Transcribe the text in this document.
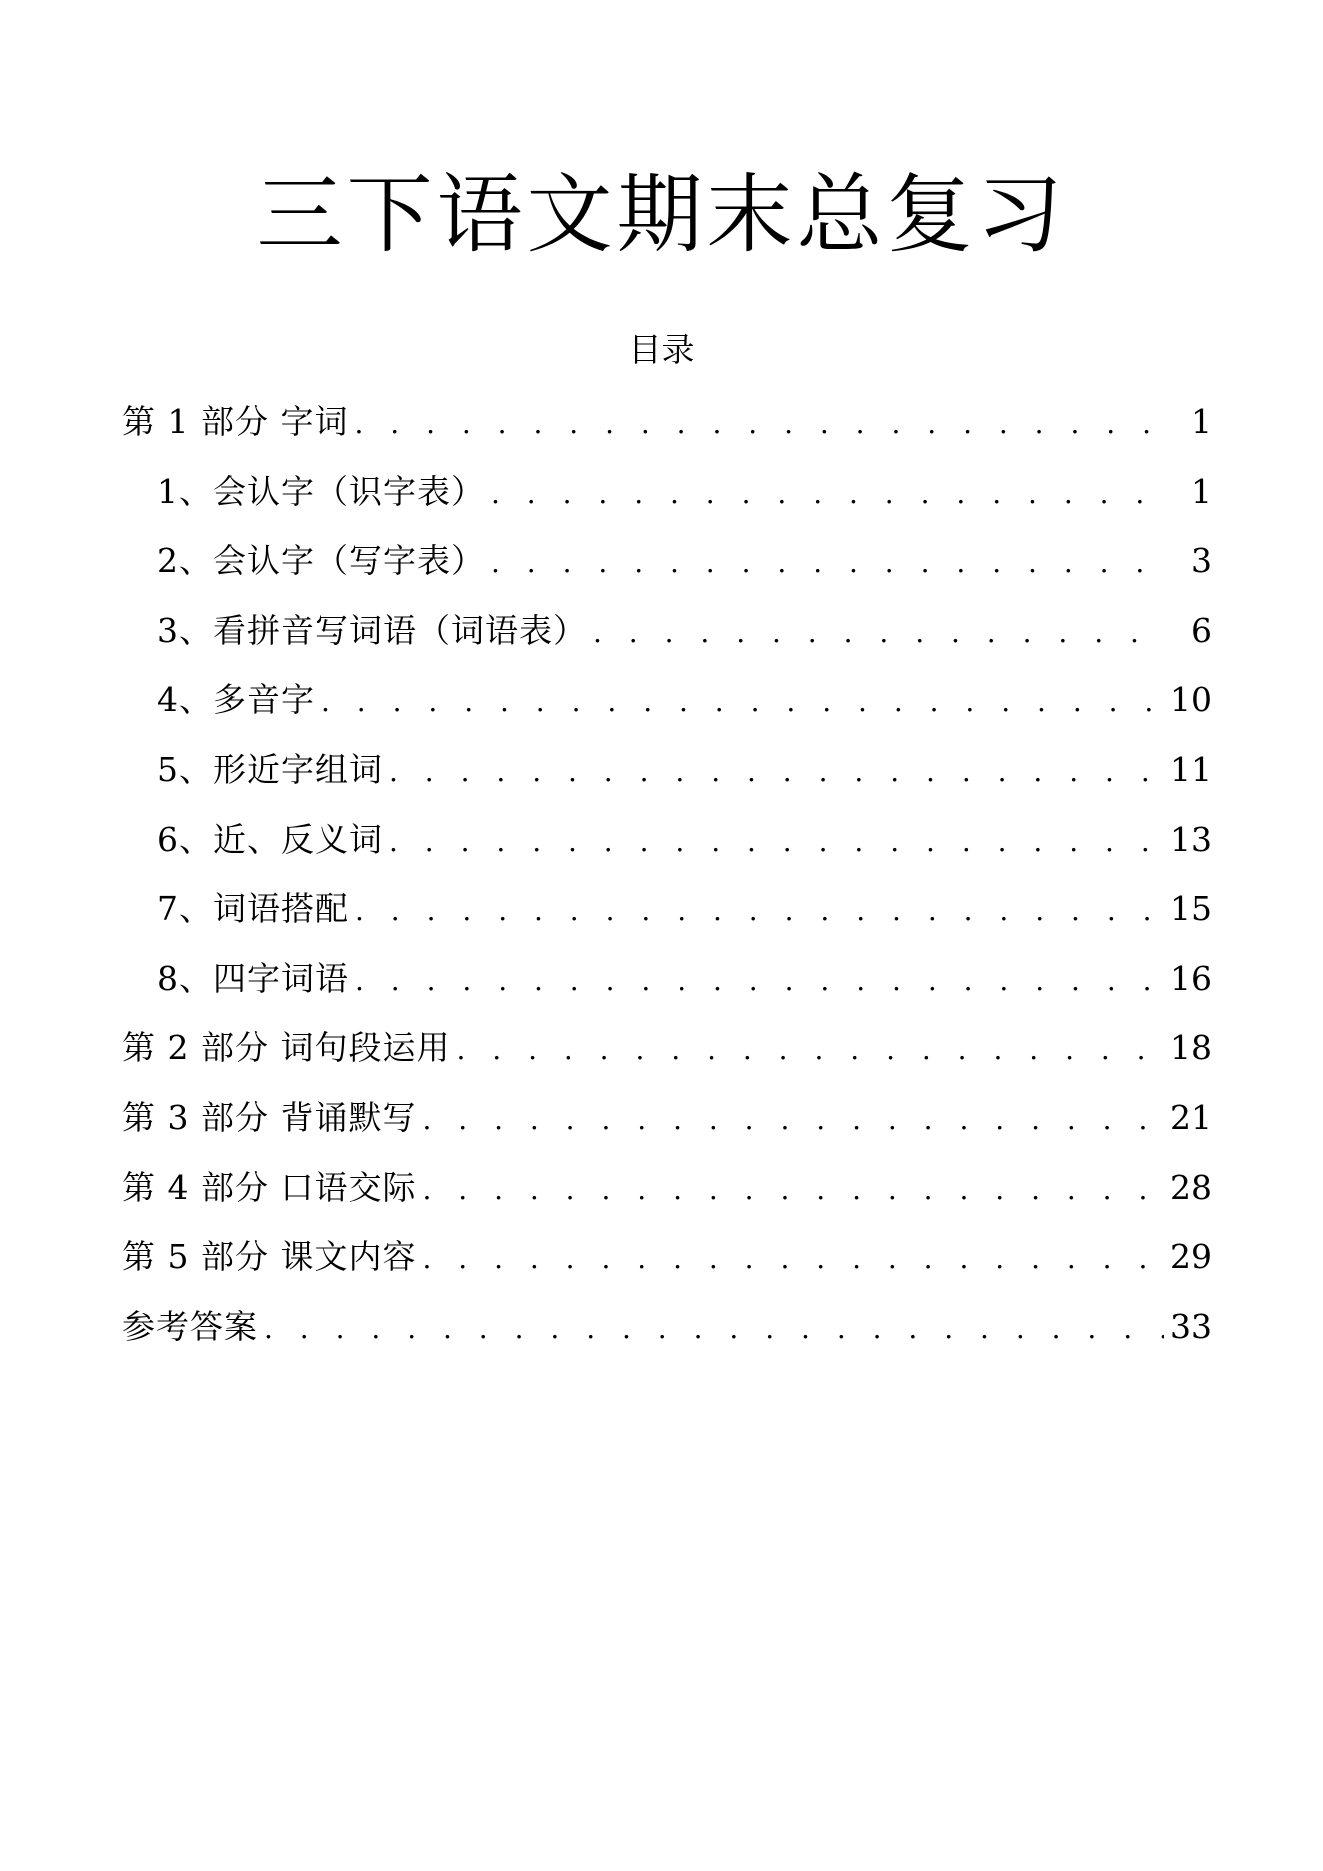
三下语文期末总复习
目录
第 1 部分 字词 . . .	1
1、会认字（识字表） . . .	1
2、会认字（写字表） . . .	3
3、看拼音写词语（词语表） . . .	6
4、多音字 . . .	10
5、形近字组词 . . .	11
6、近、反义词 . . .	13
7、词语搭配 . . .	15
8、四字词语 . . .	16
第 2 部分 词句段运用 . . .	18
第 3 部分 背诵默写 . . .	21
第 4 部分 口语交际 . . .	28
第 5 部分 课文内容 . . .	29
参考答案 . . .	33
